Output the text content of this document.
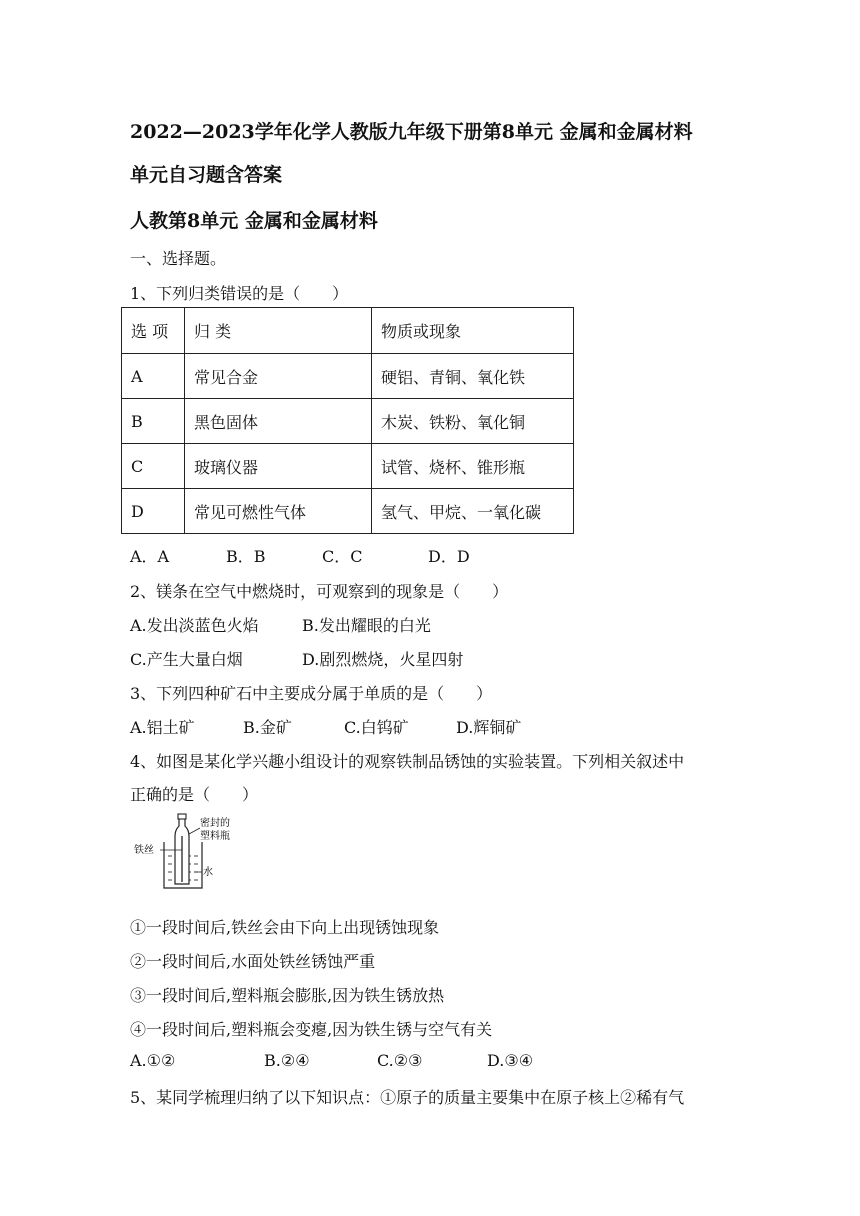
2022—2023学年化学人教版九年级下册第8单元 金属和金属材料
单元自习题含答案
人教第8单元 金属和金属材料
一、选择题。
1、下列归类错误的是（　　）
选 项	归 类	物质或现象
A	常见合金	硬铝、青铜、氧化铁
B	黑色固体	木炭、铁粉、氧化铜
C	玻璃仪器	试管、烧杯、锥形瓶
D	常见可燃性气体	氢气、甲烷、一氧化碳
A．A	B．B	C．C	D．D
2、镁条在空气中燃烧时，可观察到的现象是（　　）
A.发出淡蓝色火焰	B.发出耀眼的白光
C.产生大量白烟	D.剧烈燃烧，火星四射
3、下列四种矿石中主要成分属于单质的是（　　）
A.铝土矿	B.金矿	C.白钨矿	D.辉铜矿
4、如图是某化学兴趣小组设计的观察铁制品锈蚀的实验装置。下列相关叙述中
正确的是（　　）
铁丝
密封的
塑料瓶
水
①一段时间后,铁丝会由下向上出现锈蚀现象
②一段时间后,水面处铁丝锈蚀严重
③一段时间后,塑料瓶会膨胀,因为铁生锈放热
④一段时间后,塑料瓶会变瘪,因为铁生锈与空气有关
A.①②	B.②④	C.②③	D.③④
5、某同学梳理归纳了以下知识点：①原子的质量主要集中在原子核上②稀有气
